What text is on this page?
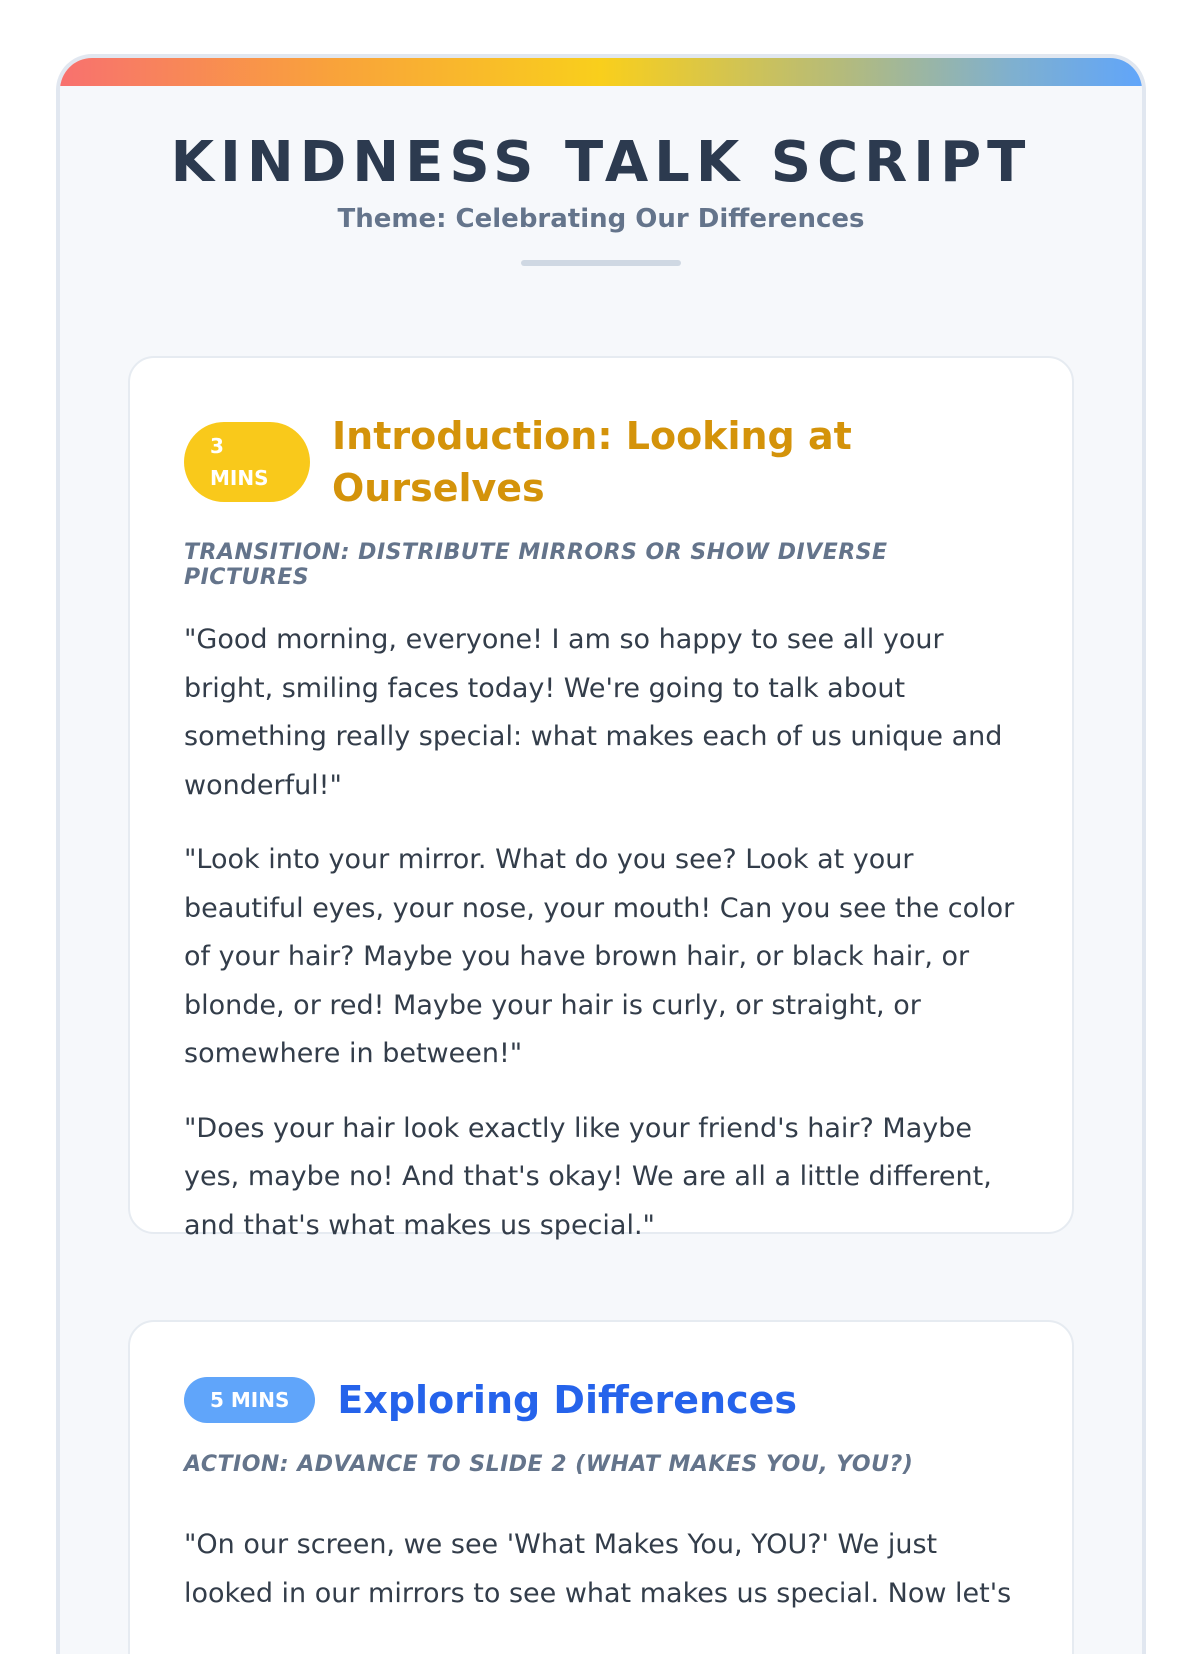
KINDNESS TALK SCRIPT
Theme: Celebrating Our Differences
3
MINS
Introduction: Looking at Ourselves
TRANSITION: DISTRIBUTE MIRRORS OR SHOW DIVERSE PICTURES

"Good morning, everyone! I am so happy to see all your bright, smiling faces today! We're going to talk about something really special: what makes each of us unique and wonderful!"

"Look into your mirror. What do you see? Look at your beautiful eyes, your nose, your mouth! Can you see the color of your hair? Maybe you have brown hair, or black hair, or blonde, or red! Maybe your hair is curly, or straight, or somewhere in between!"

"Does your hair look exactly like your friend's hair? Maybe yes, maybe no! And that's okay! We are all a little different, and that's what makes us special."

5 MINS	Exploring Differences
ACTION: ADVANCE TO SLIDE 2 (WHAT MAKES YOU, YOU?)

"On our screen, we see 'What Makes You, YOU?' We just looked in our mirrors to see what makes us special. Now let's
